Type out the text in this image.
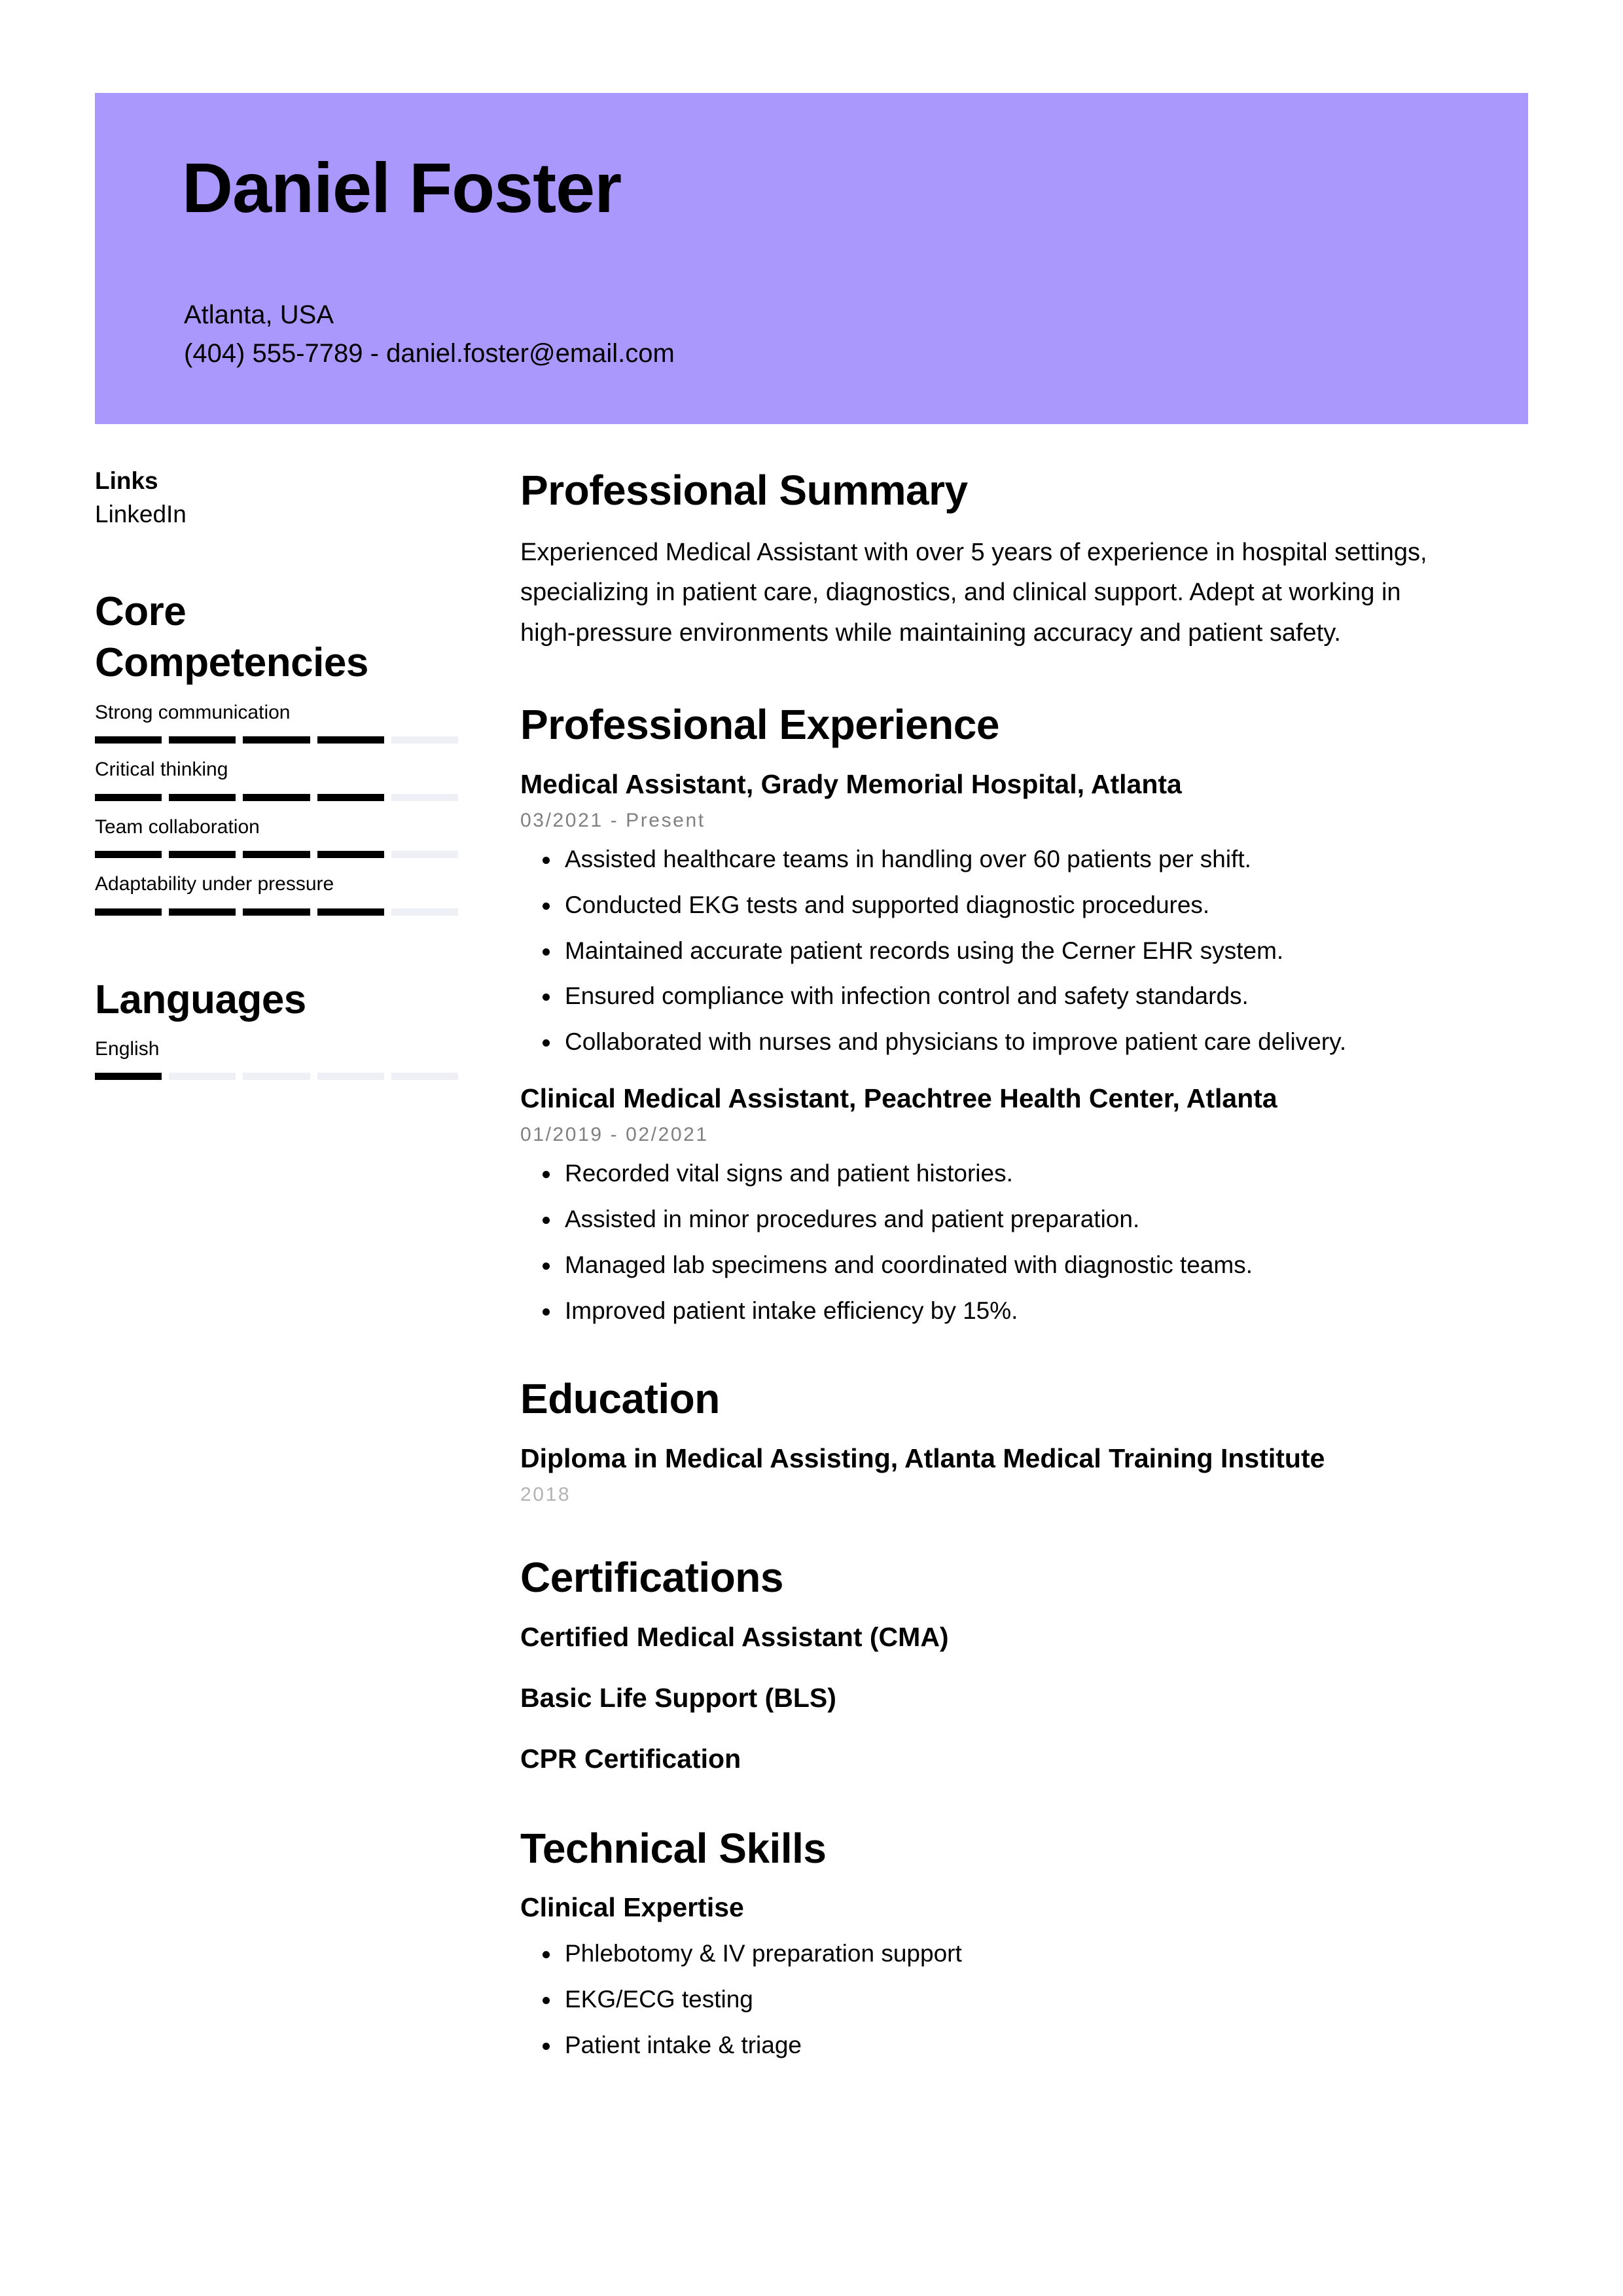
Daniel Foster
Atlanta, USA
(404) 555-7789 - daniel.foster@email.com
Links
LinkedIn
Core Competencies
Strong communication
Critical thinking
Team collaboration
Adaptability under pressure
Languages
English
Professional Summary

Experienced Medical Assistant with over 5 years of experience in hospital settings, specializing in patient care, diagnostics, and clinical support. Adept at working in high-pressure environments while maintaining accuracy and patient safety.

Professional Experience
Medical Assistant, Grady Memorial Hospital, Atlanta
03/2021 - Present
Assisted healthcare teams in handling over 60 patients per shift.
Conducted EKG tests and supported diagnostic procedures.
Maintained accurate patient records using the Cerner EHR system.
Ensured compliance with infection control and safety standards.
Collaborated with nurses and physicians to improve patient care delivery.
Clinical Medical Assistant, Peachtree Health Center, Atlanta
01/2019 - 02/2021
Recorded vital signs and patient histories.
Assisted in minor procedures and patient preparation.
Managed lab specimens and coordinated with diagnostic teams.
Improved patient intake efficiency by 15%.
Education
Diploma in Medical Assisting, Atlanta Medical Training Institute
2018
Certifications
Certified Medical Assistant (CMA)
Basic Life Support (BLS)
CPR Certification
Technical Skills
Clinical Expertise
Phlebotomy & IV preparation support
EKG/ECG testing
Patient intake & triage
